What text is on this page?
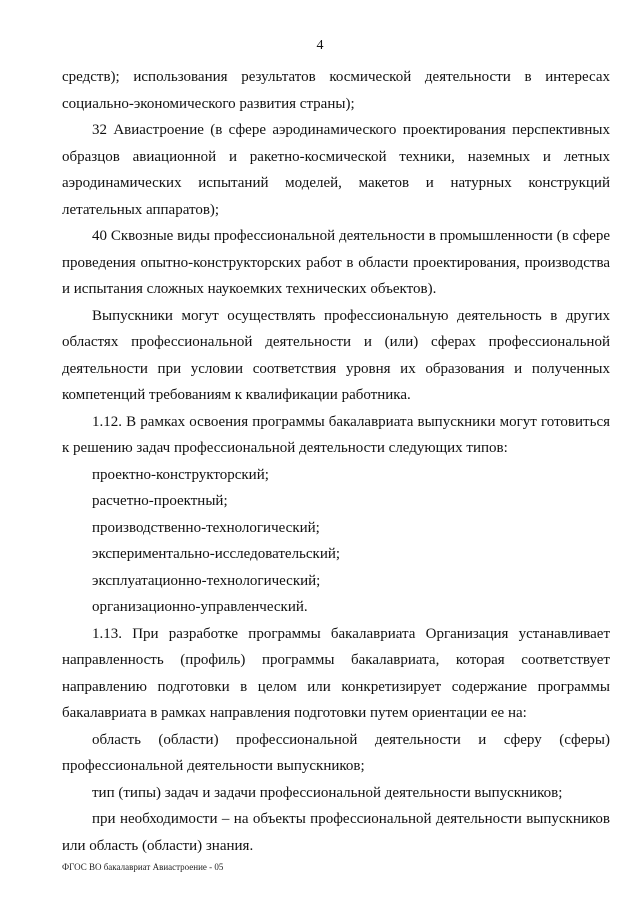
4

средств); использования результатов космической деятельности в интересах социально-экономического развития страны);

32 Авиастроение (в сфере аэродинамического проектирования перспективных образцов авиационной и ракетно-космической техники, наземных и летных аэродинамических испытаний моделей, макетов и натурных конструкций летательных аппаратов);

40 Сквозные виды профессиональной деятельности в промышленности (в сфере проведения опытно-конструкторских работ в области проектирования, производства и испытания сложных наукоемких технических объектов).

Выпускники могут осуществлять профессиональную деятельность в других областях профессиональной деятельности и (или) сферах профессиональной деятельности при условии соответствия уровня их образования и полученных компетенций требованиям к квалификации работника.

1.12. В рамках освоения программы бакалавриата выпускники могут готовиться к решению задач профессиональной деятельности следующих типов:

проектно-конструкторский;

расчетно-проектный;

производственно-технологический;

экспериментально-исследовательский;

эксплуатационно-технологический;

организационно-управленческий.

1.13. При разработке программы бакалавриата Организация устанавливает направленность (профиль) программы бакалавриата, которая соответствует направлению подготовки в целом или конкретизирует содержание программы бакалавриата в рамках направления подготовки путем ориентации ее на:

область (области) профессиональной деятельности и сферу (сферы) профессиональной деятельности выпускников;

тип (типы) задач и задачи профессиональной деятельности выпускников;

при необходимости – на объекты профессиональной деятельности выпускников или область (области) знания.

ФГОС ВО бакалавриат Авиастроение - 05
